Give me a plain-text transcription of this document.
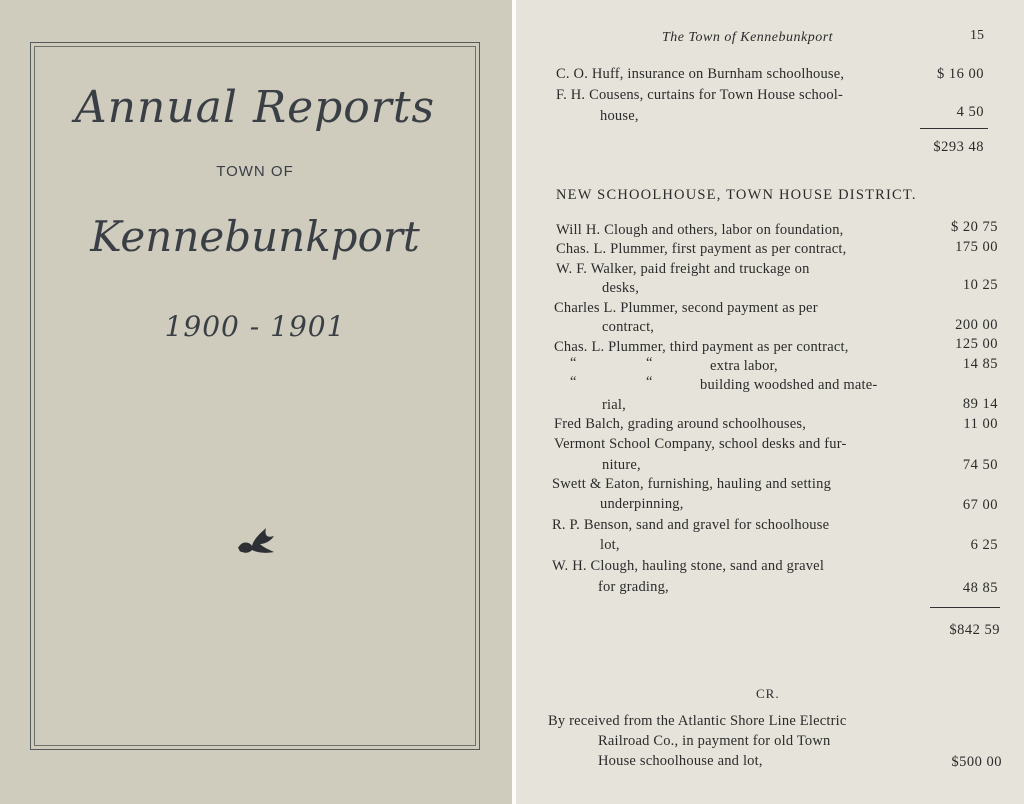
Annual Reports
TOWN OF
Kennebunkport
1900 - 1901
The Town of Kennebunkport	15
C. O. Huff, insurance on Burnham schoolhouse,	$ 16 00
F. H. Cousens, curtains for Town House school-
house,	4 50
$293 48
NEW SCHOOLHOUSE, TOWN HOUSE DISTRICT.
Will H. Clough and others, labor on foundation,	$ 20 75
Chas. L. Plummer, first payment as per contract,	175 00
W. F. Walker, paid freight and truckage on
desks,	10 25
Charles L. Plummer, second payment as per
contract,	200 00
Chas. L. Plummer, third payment as per contract,	125 00
“	“	extra labor,	14 85
“	“	building woodshed and mate-
rial,	89 14
Fred Balch, grading around schoolhouses,	11 00
Vermont School Company, school desks and fur-
niture,	74 50
Swett & Eaton, furnishing, hauling and setting
underpinning,	67 00
R. P. Benson, sand and gravel for schoolhouse
lot,	6 25
W. H. Clough, hauling stone, sand and gravel
for grading,	48 85
$842 59
CR.
By received from the Atlantic Shore Line Electric
Railroad Co., in payment for old Town
House schoolhouse and lot,	$500 00
